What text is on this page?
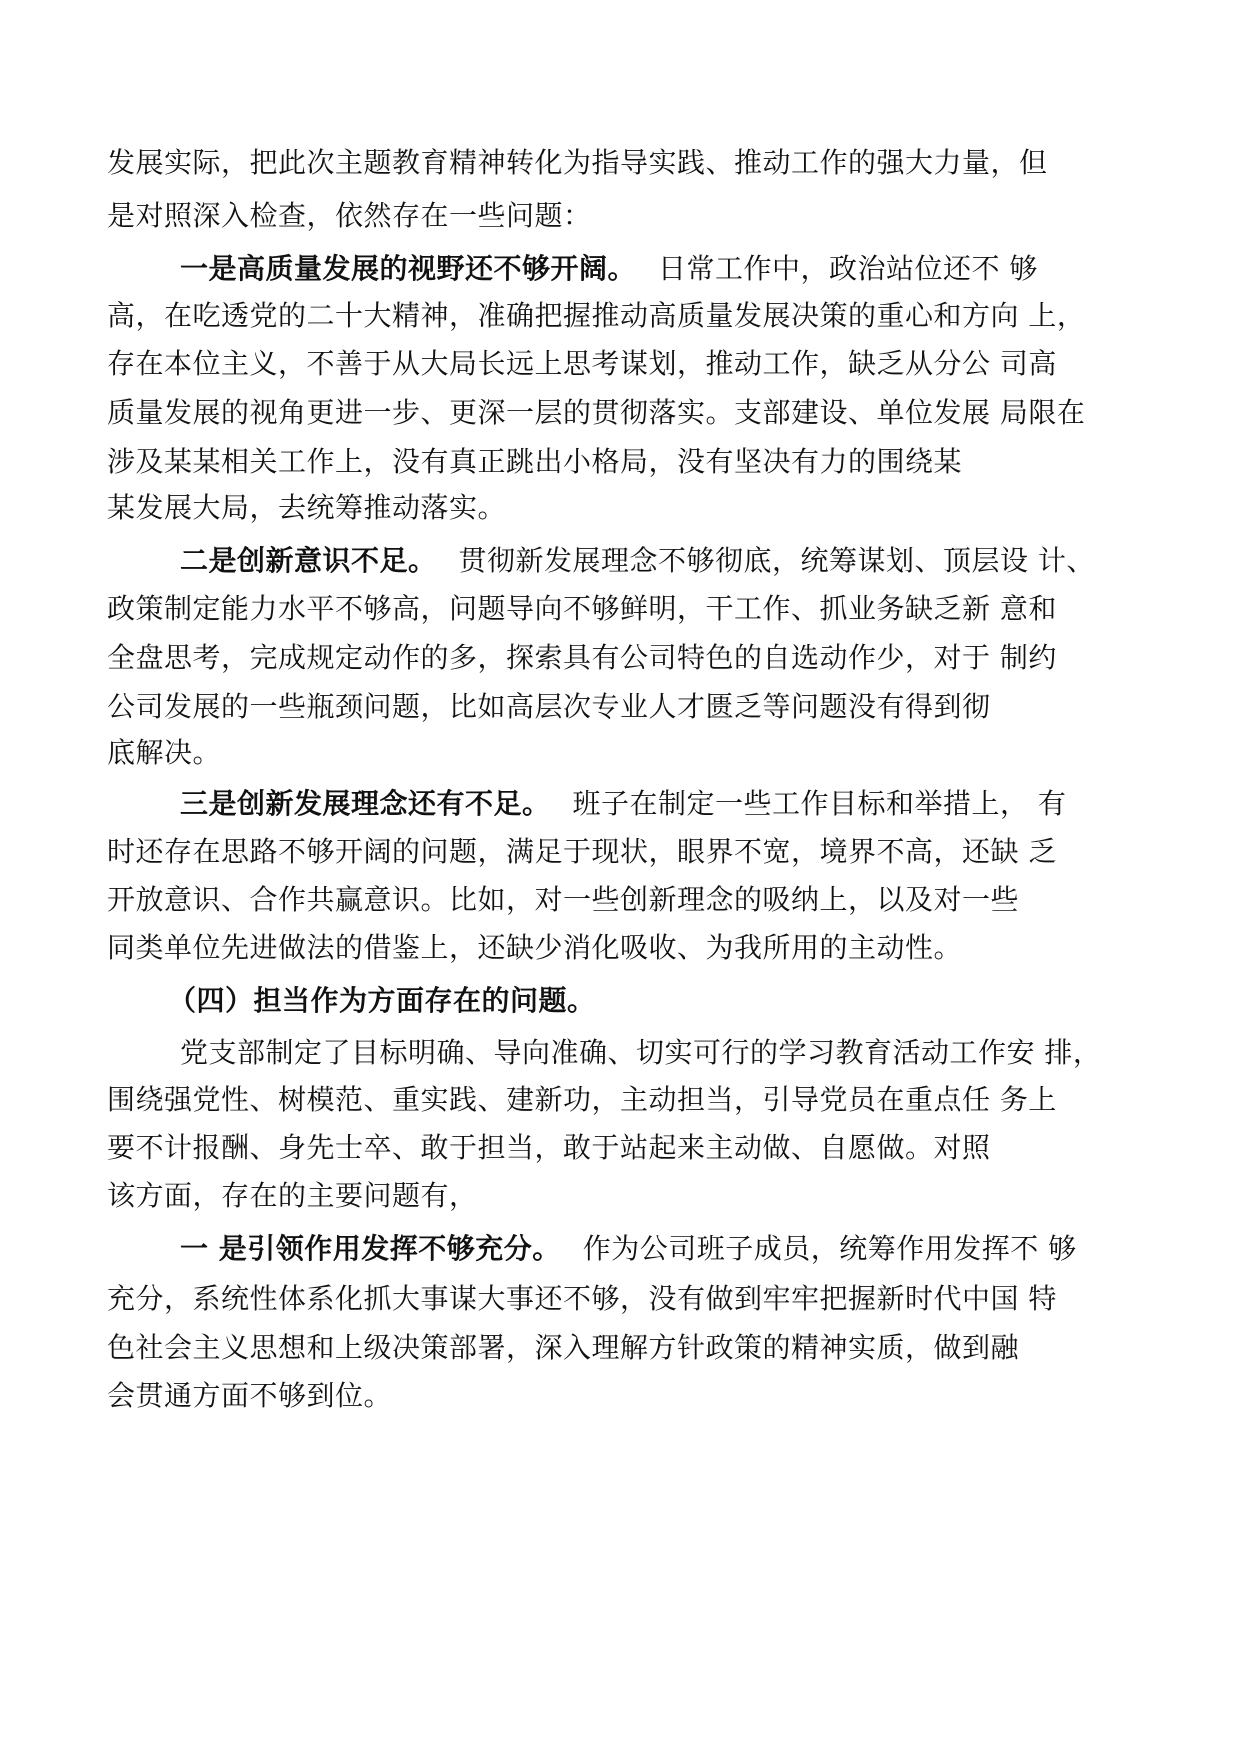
发展实际，把此次主题教育精神转化为指导实践、推动工作的强大力量，但
是对照深入检查，依然存在一些问题：
一是高质量发展的视野还不够开阔。 日常工作中，政治站位还不 够
高，在吃透党的二十大精神，准确把握推动高质量发展决策的重心和方向 上，
存在本位主义，不善于从大局长远上思考谋划，推动工作，缺乏从分公 司高
质量发展的视角更进一步、更深一层的贯彻落实。支部建设、单位发展 局限在
涉及某某相关工作上，没有真正跳出小格局，没有坚决有力的围绕某
某发展大局，去统筹推动落实。
二是创新意识不足。 贯彻新发展理念不够彻底，统筹谋划、顶层设 计、
政策制定能力水平不够高，问题导向不够鲜明，干工作、抓业务缺乏新 意和
全盘思考，完成规定动作的多，探索具有公司特色的自选动作少，对于 制约
公司发展的一些瓶颈问题，比如高层次专业人才匮乏等问题没有得到彻
底解决。
三是创新发展理念还有不足。 班子在制定一些工作目标和举措上， 有
时还存在思路不够开阔的问题，满足于现状，眼界不宽，境界不高，还缺 乏
开放意识、合作共赢意识。比如，对一些创新理念的吸纳上，以及对一些
同类单位先进做法的借鉴上，还缺少消化吸收、为我所用的主动性。
（四）担当作为方面存在的问题。
党支部制定了目标明确、导向准确、切实可行的学习教育活动工作安 排，
围绕强党性、树模范、重实践、建新功，主动担当，引导党员在重点任 务上
要不计报酬、身先士卒、敢于担当，敢于站起来主动做、自愿做。对照
该方面，存在的主要问题有，
一 是引领作用发挥不够充分。 作为公司班子成员，统筹作用发挥不 够
充分，系统性体系化抓大事谋大事还不够，没有做到牢牢把握新时代中国 特
色社会主义思想和上级决策部署，深入理解方针政策的精神实质，做到融
会贯通方面不够到位。
